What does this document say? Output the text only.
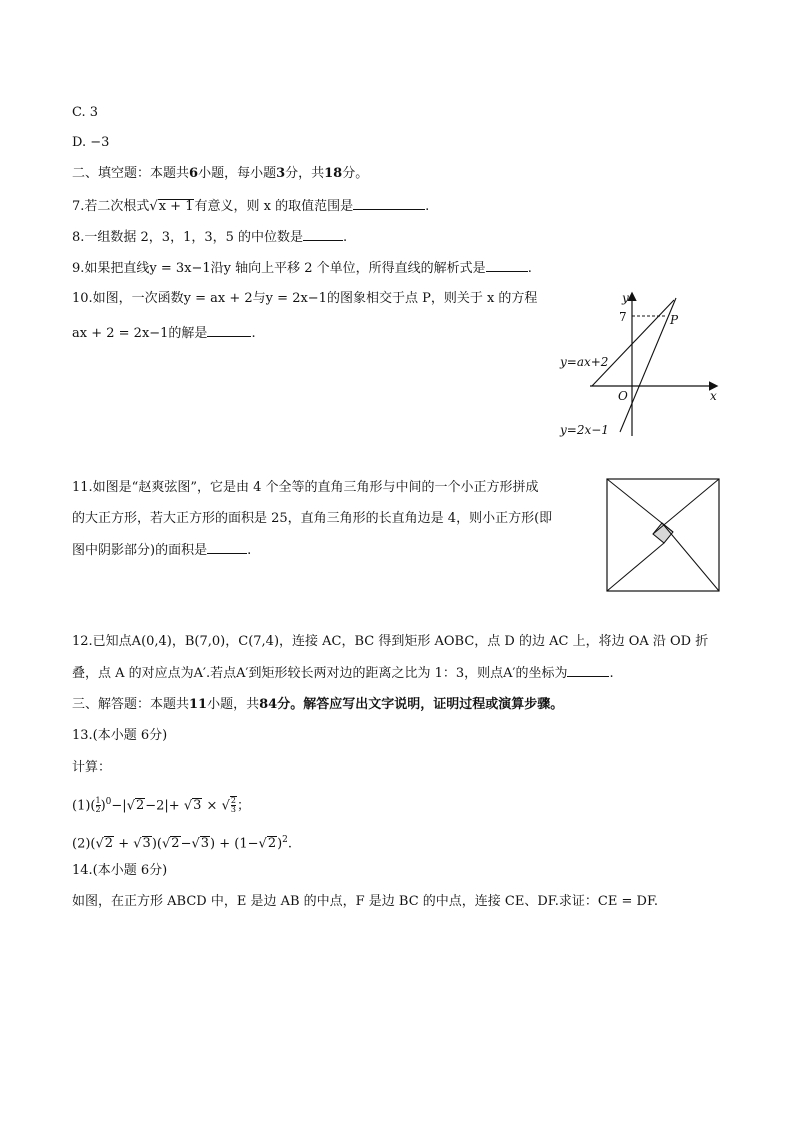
C. 3
D. −3
二、填空题：本题共6小题，每小题3分，共18分。
7.若二次根式√x + 1有意义，则 x 的取值范围是	.
8.一组数据 2，3，1，3，5 的中位数是	.
9.如果把直线y = 3x−1沿y 轴向上平移 2 个单位，所得直线的解析式是	.
10.如图，一次函数y = ax + 2与y = 2x−1的图象相交于点 P，则关于 x 的方程
ax + 2 = 2x−1的解是	.
y
x
O
7	P
y=ax+2
y=2x−1
11.如图是“赵爽弦图”，它是由 4 个全等的直角三角形与中间的一个小正方形拼成
的大正方形，若大正方形的面积是 25，直角三角形的长直角边是 4，则小正方形(即
图中阴影部分)的面积是	.
12.已知点A(0,4)，B(7,0)，C(7,4)，连接 AC，BC 得到矩形 AOBC，点 D 的边 AC 上，将边 OA 沿 OD 折
叠，点 A 的对应点为A′.若点A′到矩形较长两对边的距离之比为 1：3，则点A′的坐标为	.
三、解答题：本题共11小题，共84分。解答应写出文字说明，证明过程或演算步骤。
13.(本小题 6分)
计算：
$(1)( \frac{1}{2} )^0-|√2-2|+ √3$ × √ $\frac{2}{3}$ ；
$(2)(√2 + √3)(√2-√3) + (1-√2)^2$.
14.(本小题 6分)
如图，在正方形 ABCD 中，E 是边 AB 的中点，F 是边 BC 的中点，连接 CE、DF.求证：CE = DF.
